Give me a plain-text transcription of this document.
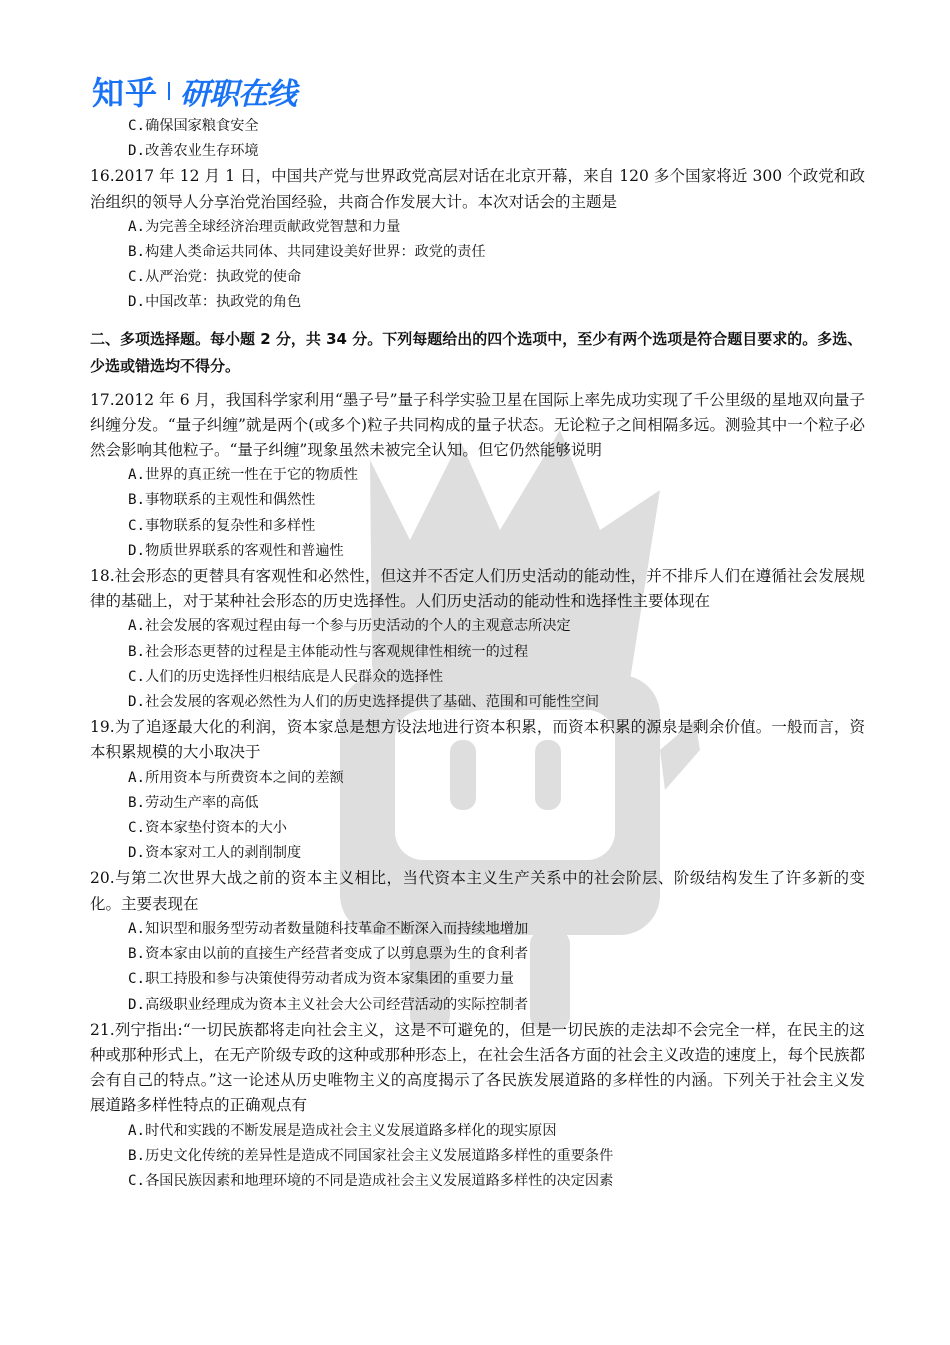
知乎 研职在线
C.确保国家粮食安全
D.改善农业生存环境
16.2017 年 12 月 1 日，中国共产党与世界政党高层对话在北京开幕，来自 120 多个国家将近 300 个政党和政治组织的领导人分享治党治国经验，共商合作发展大计。本次对话会的主题是
A.为完善全球经济治理贡献政党智慧和力量
B.构建人类命运共同体、共同建设美好世界：政党的责任
C.从严治党：执政党的使命
D.中国改革：执政党的角色
二、多项选择题。每小题 2 分，共 34 分。下列每题给出的四个选项中，至少有两个选项是符合题目要求的。多选、少选或错选均不得分。
17.2012 年 6 月，我国科学家利用“墨子号”量子科学实验卫星在国际上率先成功实现了千公里级的星地双向量子纠缠分发。“量子纠缠”就是两个(或多个)粒子共同构成的量子状态。无论粒子之间相隔多远。测验其中一个粒子必然会影响其他粒子。“量子纠缠”现象虽然未被完全认知。但它仍然能够说明
A.世界的真正统一性在于它的物质性
B.事物联系的主观性和偶然性
C.事物联系的复杂性和多样性
D.物质世界联系的客观性和普遍性
18.社会形态的更替具有客观性和必然性，但这并不否定人们历史活动的能动性，并不排斥人们在遵循社会发展规律的基础上，对于某种社会形态的历史选择性。人们历史活动的能动性和选择性主要体现在
A.社会发展的客观过程由每一个参与历史活动的个人的主观意志所决定
B.社会形态更替的过程是主体能动性与客观规律性相统一的过程
C.人们的历史选择性归根结底是人民群众的选择性
D.社会发展的客观必然性为人们的历史选择提供了基础、范围和可能性空间
19.为了追逐最大化的利润，资本家总是想方设法地进行资本积累，而资本积累的源泉是剩余价值。一般而言，资本积累规模的大小取决于
A.所用资本与所费资本之间的差额
B.劳动生产率的高低
C.资本家垫付资本的大小
D.资本家对工人的剥削制度
20.与第二次世界大战之前的资本主义相比，当代资本主义生产关系中的社会阶层、阶级结构发生了许多新的变化。主要表现在
A.知识型和服务型劳动者数量随科技革命不断深入而持续地增加
B.资本家由以前的直接生产经营者变成了以剪息票为生的食利者
C.职工持股和参与决策使得劳动者成为资本家集团的重要力量
D.高级职业经理成为资本主义社会大公司经营活动的实际控制者
21.列宁指出:“一切民族都将走向社会主义，这是不可避免的，但是一切民族的走法却不会完全一样，在民主的这种或那种形式上，在无产阶级专政的这种或那种形态上，在社会生活各方面的社会主义改造的速度上，每个民族都会有自己的特点。”这一论述从历史唯物主义的高度揭示了各民族发展道路的多样性的内涵。下列关于社会主义发展道路多样性特点的正确观点有
A.时代和实践的不断发展是造成社会主义发展道路多样化的现实原因
B.历史文化传统的差异性是造成不同国家社会主义发展道路多样性的重要条件
C.各国民族因素和地理环境的不同是造成社会主义发展道路多样性的决定因素
